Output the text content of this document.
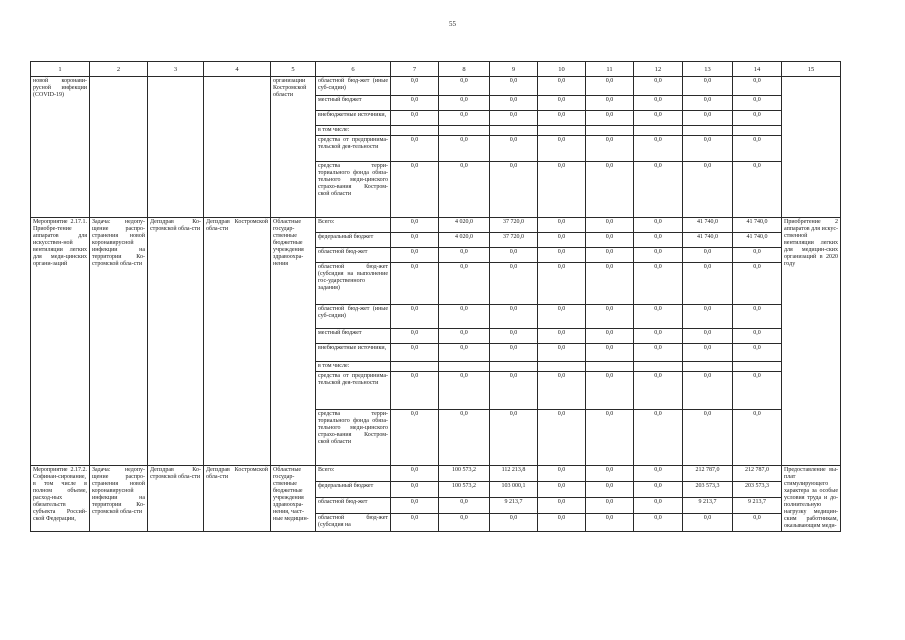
55
1	2	3	4	5	6	7	8	9	10	11	12	13	14	15
новой коронави-русной инфекции (COVID-19)				организации Костромской области	областной бюд-жет (иные суб-сидии)	0,0	0,0	0,0	0,0	0,0	0,0	0,0	0,0	
					местный бюджет	0,0	0,0	0,0	0,0	0,0	0,0	0,0	0,0	
					внебюджетные источники,	0,0	0,0	0,0	0,0	0,0	0,0	0,0	0,0	
					в том числе:									
					средства от предпринима-тельской дея-тельности	0,0	0,0	0,0	0,0	0,0	0,0	0,0	0,0	
					средства терри-ториального фонда обяза-тельного меди-цинского страхо-вания Костром-ской области	0,0	0,0	0,0	0,0	0,0	0,0	0,0	0,0	
Мероприятие 2.17.1. Приобре-тение аппаратов для искусствен-ной вентиляции легких для меди-цинских органи-заций	Задача: недопу-щение распро-странения новой коронавирусной инфекции на территории Ко-стромской обла-сти	Депздрав Ко-стромской обла-сти	Депздрав Костромской обла-сти	Областные государ-ственные бюджетные учреждения здравоохра-нения	Всего:	0,0	4 020,0	37 720,0	0,0	0,0	0,0	41 740,0	41 740,0	Приобретение 2 аппаратов для искус-ственной вентиляции легких для медицин-ских организаций в 2020 году
					федеральный бюджет	0,0	4 020,0	37 720,0	0,0	0,0	0,0	41 740,0	41 740,0	
					областной бюд-жет	0,0	0,0	0,0	0,0	0,0	0,0	0,0	0,0	
					областной бюд-жет (субсидия на выполнение гос-ударственного задания)	0,0	0,0	0,0	0,0	0,0	0,0	0,0	0,0	
					областной бюд-жет (иные суб-сидии)	0,0	0,0	0,0	0,0	0,0	0,0	0,0	0,0	
					местный бюджет	0,0	0,0	0,0	0,0	0,0	0,0	0,0	0,0	
					внебюджетные источники,	0,0	0,0	0,0	0,0	0,0	0,0	0,0	0,0	
					в том числе:									
					средства от предпринима-тельской дея-тельности	0,0	0,0	0,0	0,0	0,0	0,0	0,0	0,0	
					средства терри-ториального фонда обяза-тельного меди-цинского страхо-вания Костром-ской области	0,0	0,0	0,0	0,0	0,0	0,0	0,0	0,0	
Мероприятие 2.17.2. Софинан-сирование, в том числе в полном объеме, расход-ных обязательств субъекта Россий-ской Федерации,	Задача: недопу-щение распро-странения новой коронавирусной инфекции на территории Ко-стромской обла-сти	Депздрав Ко-стромской обла-сти	Депздрав Костромской обла-сти	Областные государ-ственные бюджетные учреждения здравоохра-нения, част-ные медицин-	Всего:	0,0	100 573,2	112 213,8	0,0	0,0	0,0	212 787,0	212 787,0	Предоставление вы-плат стимулирующего характера за особые условия труда и до-полнительную нагрузку медицин-ским работникам, оказывающим меди-
					федеральный бюджет	0,0	100 573,2	103 000,1	0,0	0,0	0,0	203 573,3	203 573,3	
					областной бюд-жет	0,0	0,0	9 213,7	0,0	0,0	0,0	9 213,7	9 213,7	
					областной бюд-жет (субсидия на	0,0	0,0	0,0	0,0	0,0	0,0	0,0	0,0	
